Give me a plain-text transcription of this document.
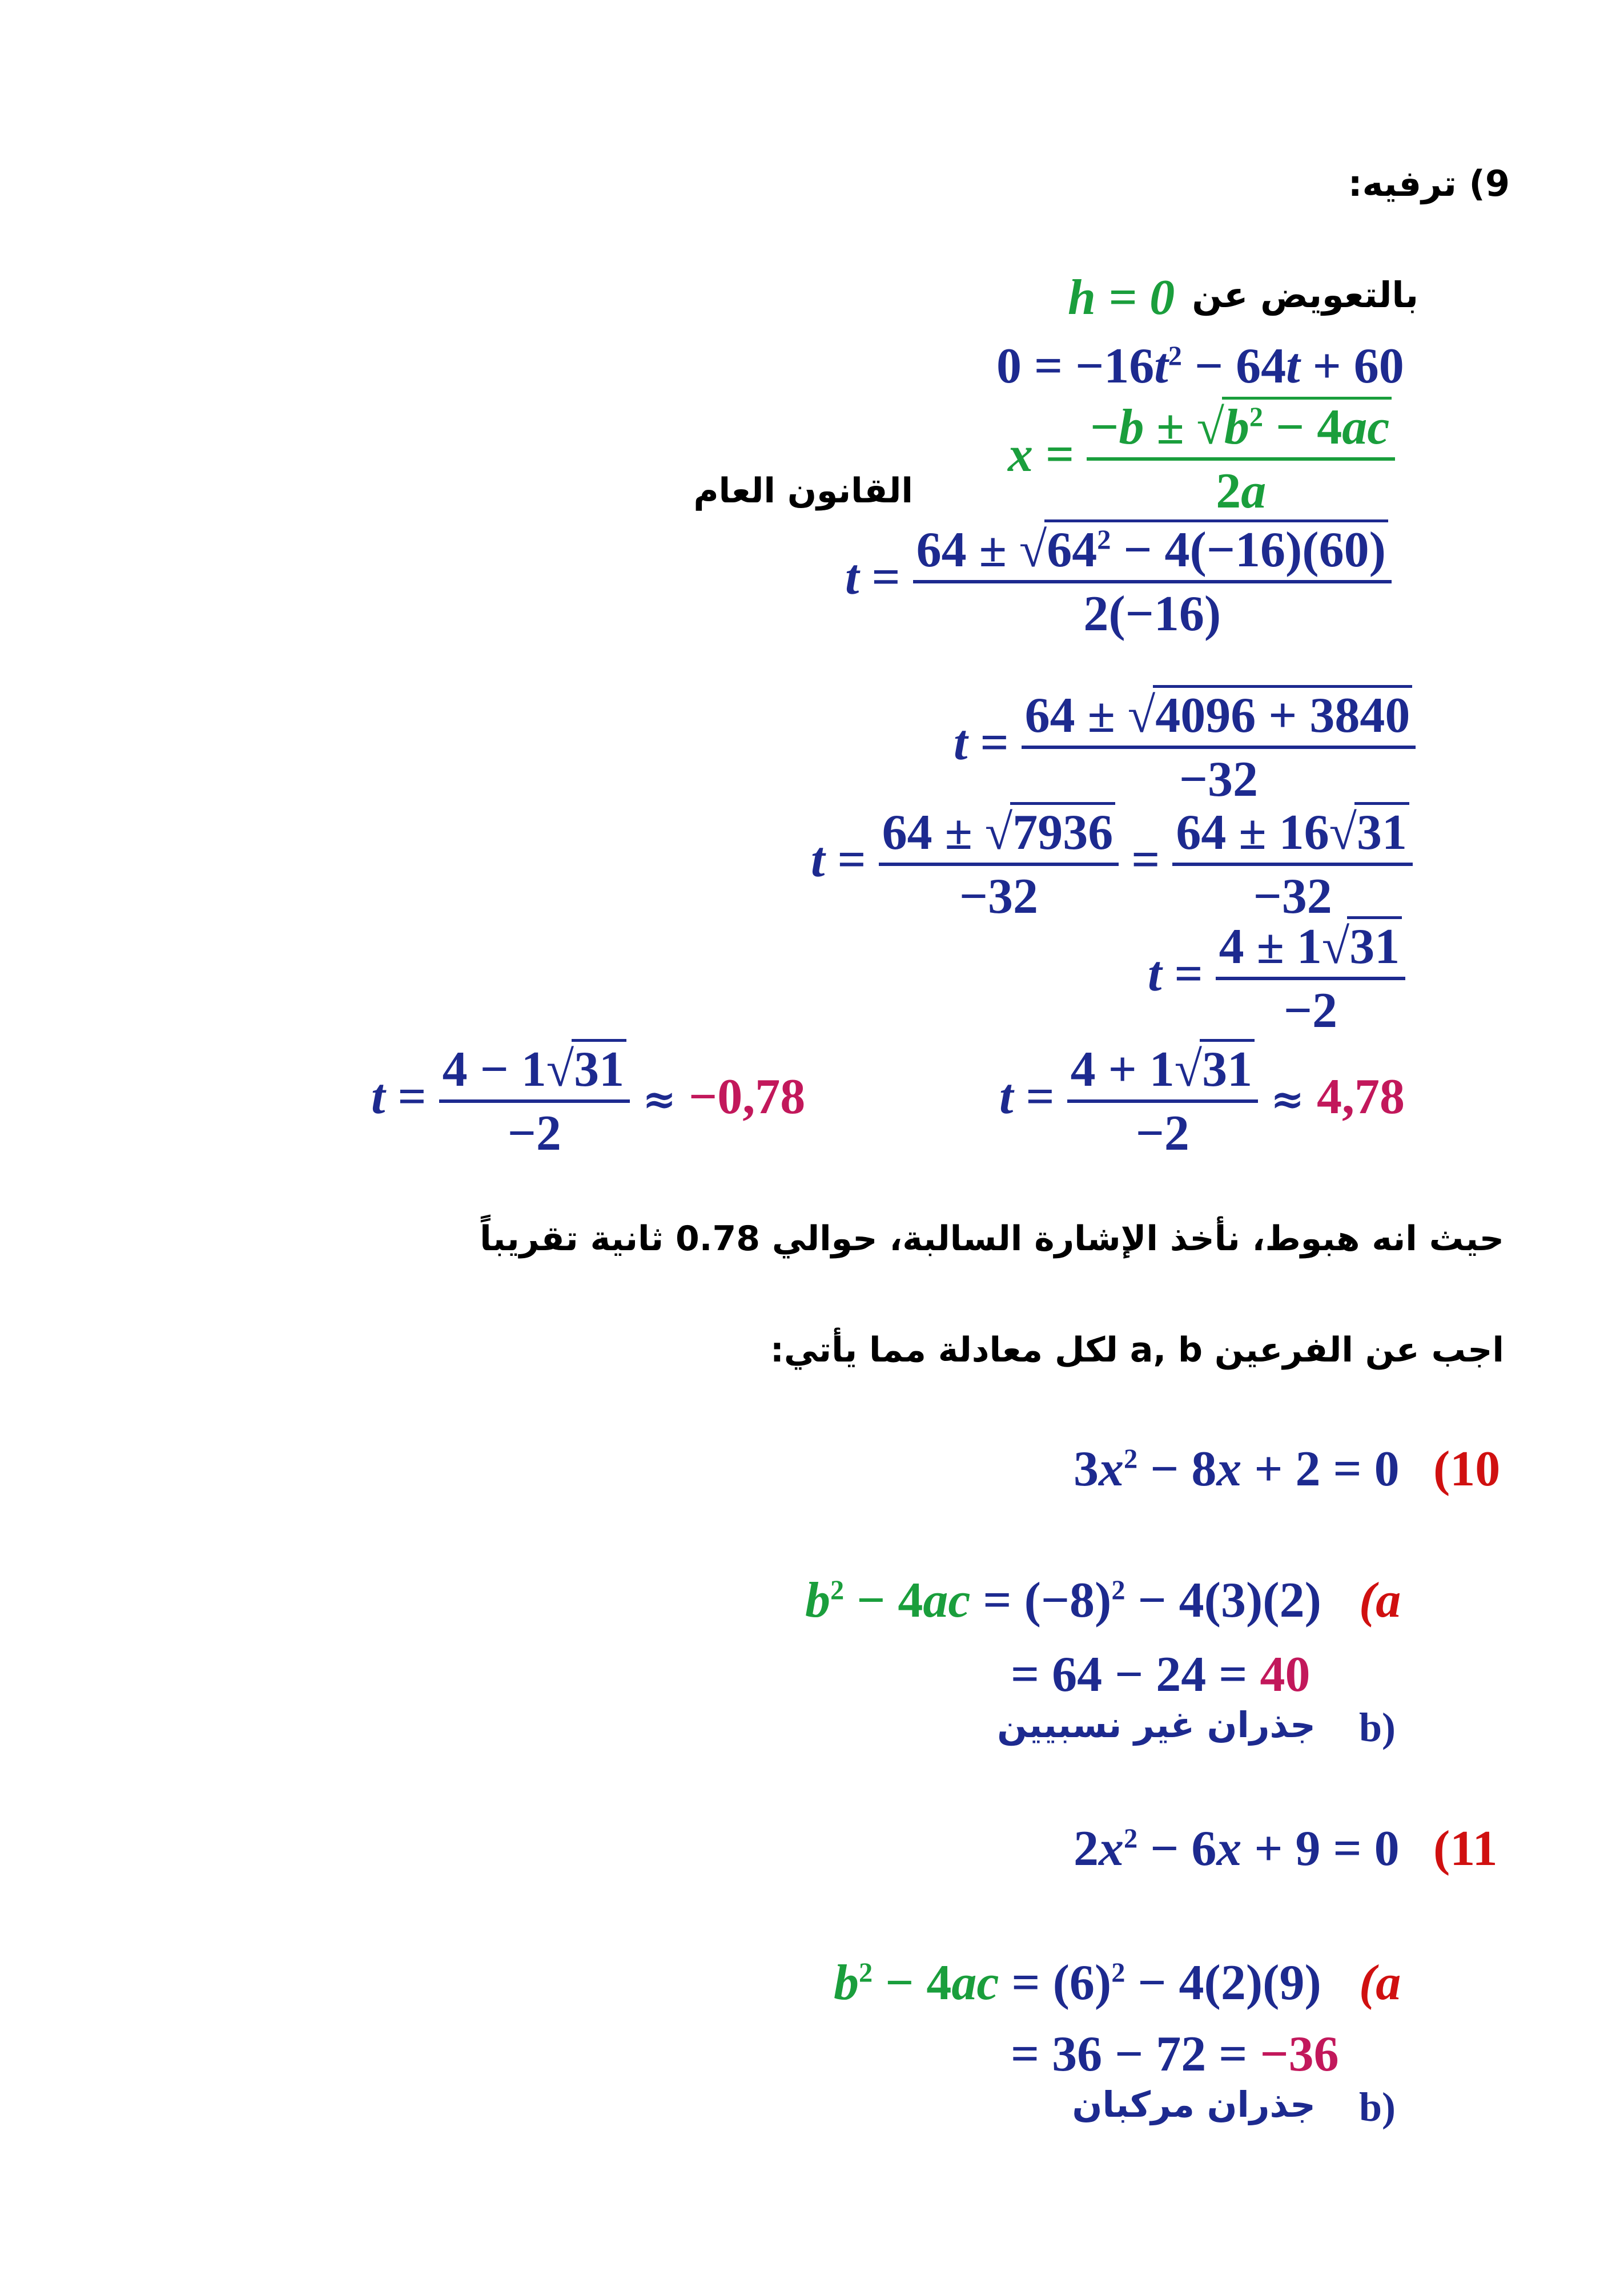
9) ترفيه:
بالتعويض عن
h = 0
$0 = -16t^2 - 64t + 60$
$x = \frac{-b \pm √b^2 - 4ac}{2a}$
القانون العام
$t = \frac{64 \pm √64^2 - 4(-16)(60)}{2(-16)}$
$t = \frac{64 \pm √4096 + 3840}{-32}$
$t = \frac{64 \pm √7936}{-32} = \frac{64 \pm 16√31}{-32}$
$t = \frac{4 \pm 1√31}{-2}$
$t = \frac{4 + 1√31}{-2} \approx 4,78$
$t = \frac{4 - 1√31}{-2} \approx -0,78$
حيث انه هبوط، نأخذ الإشارة السالبة، حوالي 0.78 ثانية تقريباً
اجب عن الفرعين a, b لكل معادلة مما يأتي:
(10
$3x^2 - 8x + 2 = 0$
$b^2 - 4ac = (-8)^2 - 4(3)(2)$ (a
= 64 − 24 = 40
b)
جذران غير نسبيين
(11
$2x^2 - 6x + 9 = 0$
$b^2 - 4ac = (6)^2 - 4(2)(9)$ (a
= 36 − 72 = −36
b)
جذران مركبان
